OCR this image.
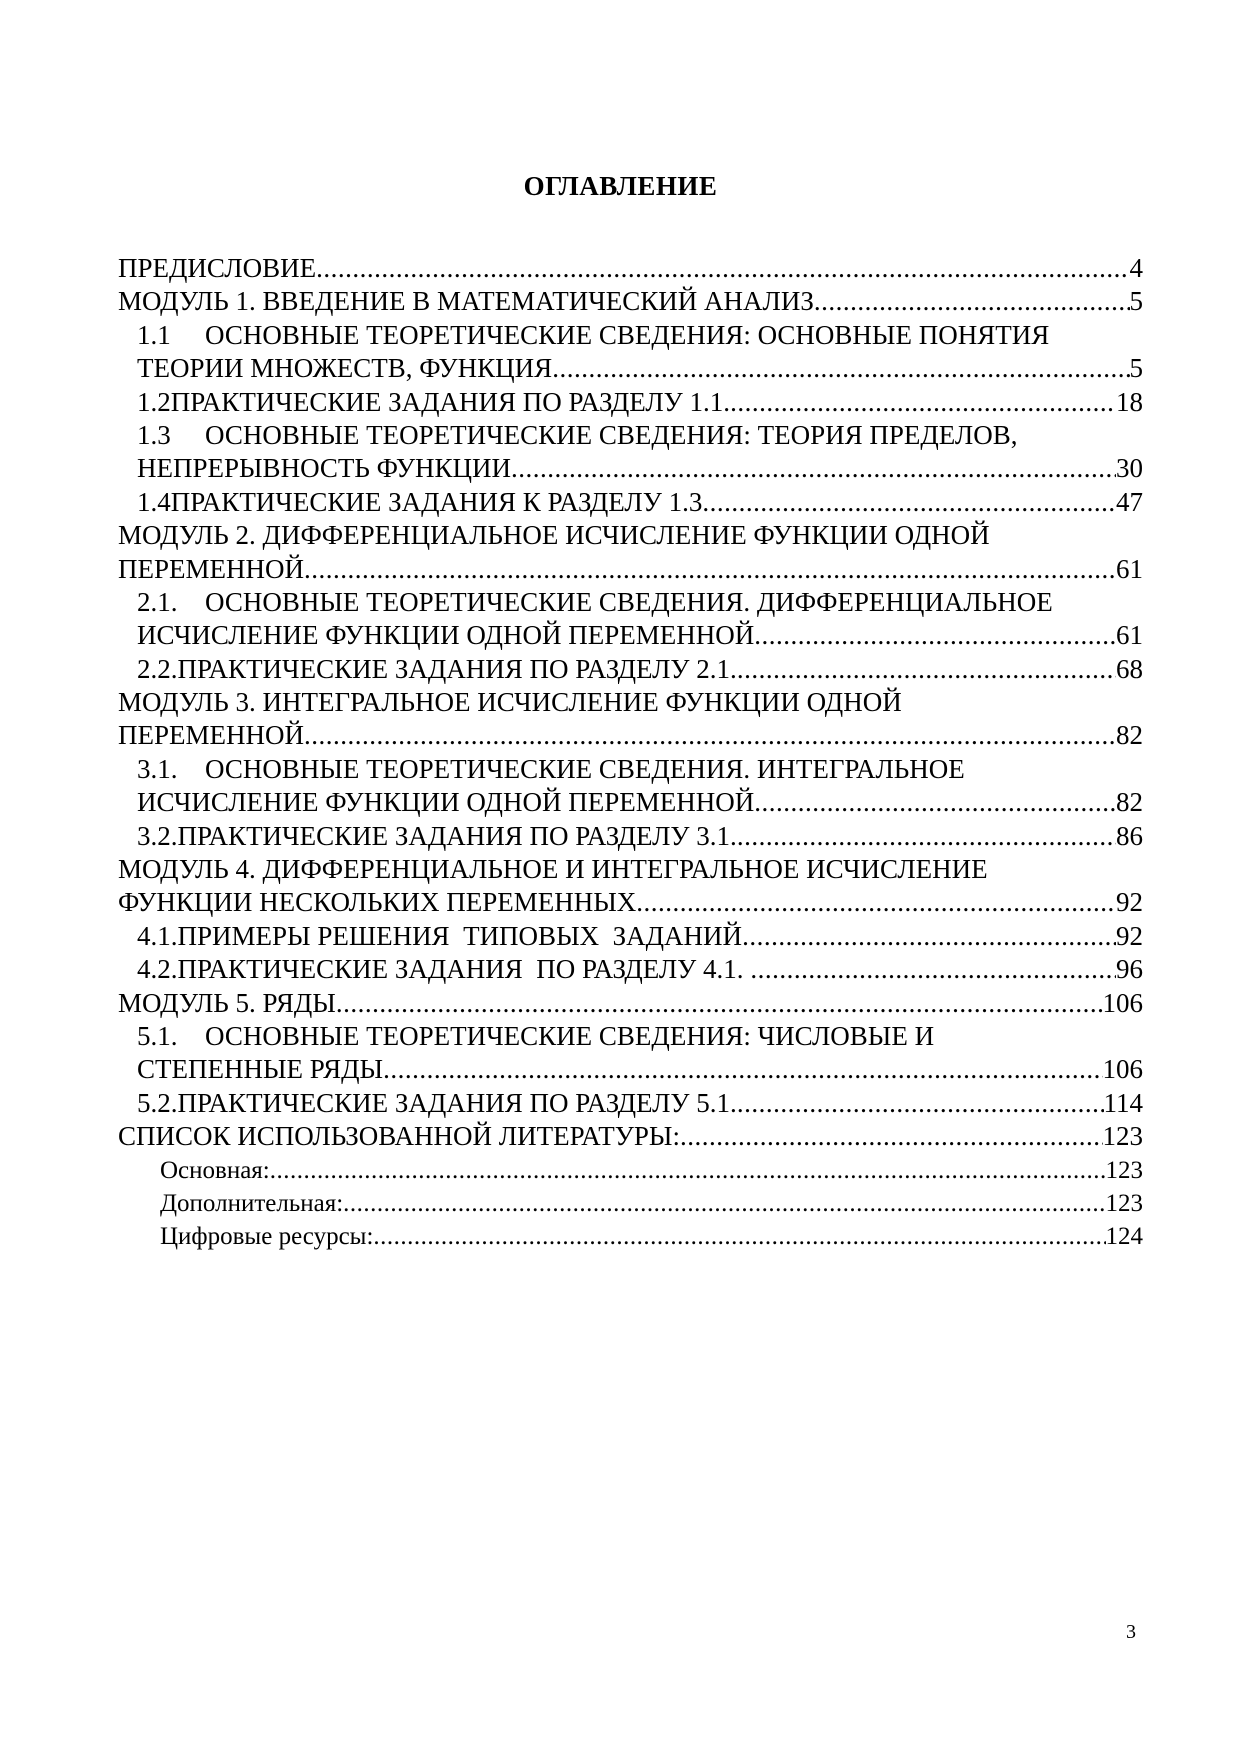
ОГЛАВЛЕНИЕ
ПРЕДИСЛОВИЕ .....	4
МОДУЛЬ 1. ВВЕДЕНИЕ В МАТЕМАТИЧЕСКИЙ АНАЛИЗ .....	5
1.1 ОСНОВНЫЕ ТЕОРЕТИЧЕСКИЕ СВЕДЕНИЯ: ОСНОВНЫЕ ПОНЯТИЯ
ТЕОРИИ МНОЖЕСТВ, ФУНКЦИЯ .....	5
1.2 ПРАКТИЧЕСКИЕ ЗАДАНИЯ ПО РАЗДЕЛУ 1.1. .....	18
1.3 ОСНОВНЫЕ ТЕОРЕТИЧЕСКИЕ СВЕДЕНИЯ: ТЕОРИЯ ПРЕДЕЛОВ,
НЕПРЕРЫВНОСТЬ ФУНКЦИИ .....	30
1.4 ПРАКТИЧЕСКИЕ ЗАДАНИЯ К РАЗДЕЛУ 1.3 .....	47
МОДУЛЬ 2. ДИФФЕРЕНЦИАЛЬНОЕ ИСЧИСЛЕНИЕ ФУНКЦИИ ОДНОЙ
ПЕРЕМЕННОЙ .....	61
2.1. ОСНОВНЫЕ ТЕОРЕТИЧЕСКИЕ СВЕДЕНИЯ. ДИФФЕРЕНЦИАЛЬНОЕ
ИСЧИСЛЕНИЕ ФУНКЦИИ ОДНОЙ ПЕРЕМЕННОЙ .....	61
2.2. ПРАКТИЧЕСКИЕ ЗАДАНИЯ ПО РАЗДЕЛУ 2.1. .....	68
МОДУЛЬ 3. ИНТЕГРАЛЬНОЕ ИСЧИСЛЕНИЕ ФУНКЦИИ ОДНОЙ
ПЕРЕМЕННОЙ .....	82
3.1. ОСНОВНЫЕ ТЕОРЕТИЧЕСКИЕ СВЕДЕНИЯ. ИНТЕГРАЛЬНОЕ
ИСЧИСЛЕНИЕ ФУНКЦИИ ОДНОЙ ПЕРЕМЕННОЙ .....	82
3.2. ПРАКТИЧЕСКИЕ ЗАДАНИЯ ПО РАЗДЕЛУ 3.1. .....	86
МОДУЛЬ 4. ДИФФЕРЕНЦИАЛЬНОЕ И ИНТЕГРАЛЬНОЕ ИСЧИСЛЕНИЕ
ФУНКЦИИ НЕСКОЛЬКИХ ПЕРЕМЕННЫХ .....	92
4.1. ПРИМЕРЫ РЕШЕНИЯ  ТИПОВЫХ  ЗАДАНИЙ .....	92
4.2. ПРАКТИЧЕСКИЕ ЗАДАНИЯ  ПО РАЗДЕЛУ 4.1. .....	96
МОДУЛЬ 5. РЯДЫ .....	106
5.1. ОСНОВНЫЕ ТЕОРЕТИЧЕСКИЕ СВЕДЕНИЯ: ЧИСЛОВЫЕ И
СТЕПЕННЫЕ РЯДЫ .....	106
5.2. ПРАКТИЧЕСКИЕ ЗАДАНИЯ ПО РАЗДЕЛУ 5.1. .....	114
СПИСОК ИСПОЛЬЗОВАННОЙ ЛИТЕРАТУРЫ: .....	123
Основная: .....	123
Дополнительная: .....	123
Цифровые ресурсы: .....	124
3
